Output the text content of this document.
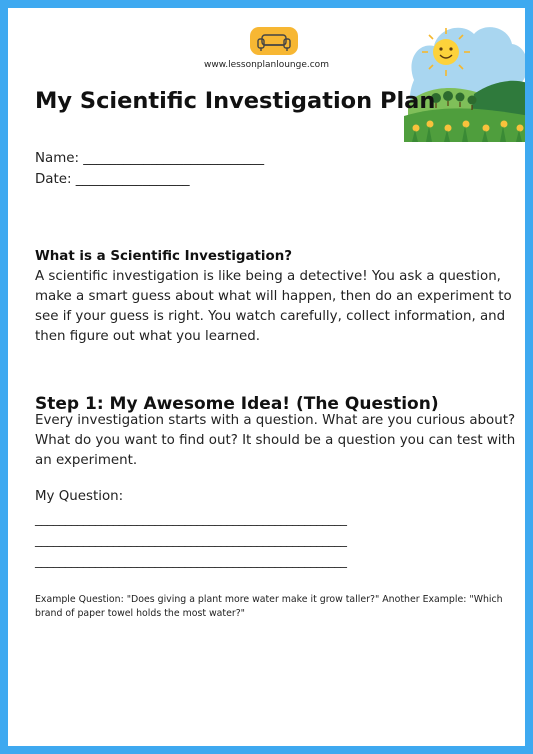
www.lessonplanlounge.com
My Scientific Investigation Plan
Name: ___________________________
Date: _________________
What is a Scientific Investigation?
A scientific investigation is like being a detective! You ask a question, make a smart guess about what will happen, then do an experiment to see if your guess is right. You watch carefully, collect information, and then figure out what you learned.
Step 1: My Awesome Idea! (The Question)
Every investigation starts with a question. What are you curious about? What do you want to find out? It should be a question you can test with an experiment.
My Question:
____________________________________________________
____________________________________________________
____________________________________________________
Example Question: "Does giving a plant more water make it grow taller?" Another Example: "Which brand of paper towel holds the most water?"
